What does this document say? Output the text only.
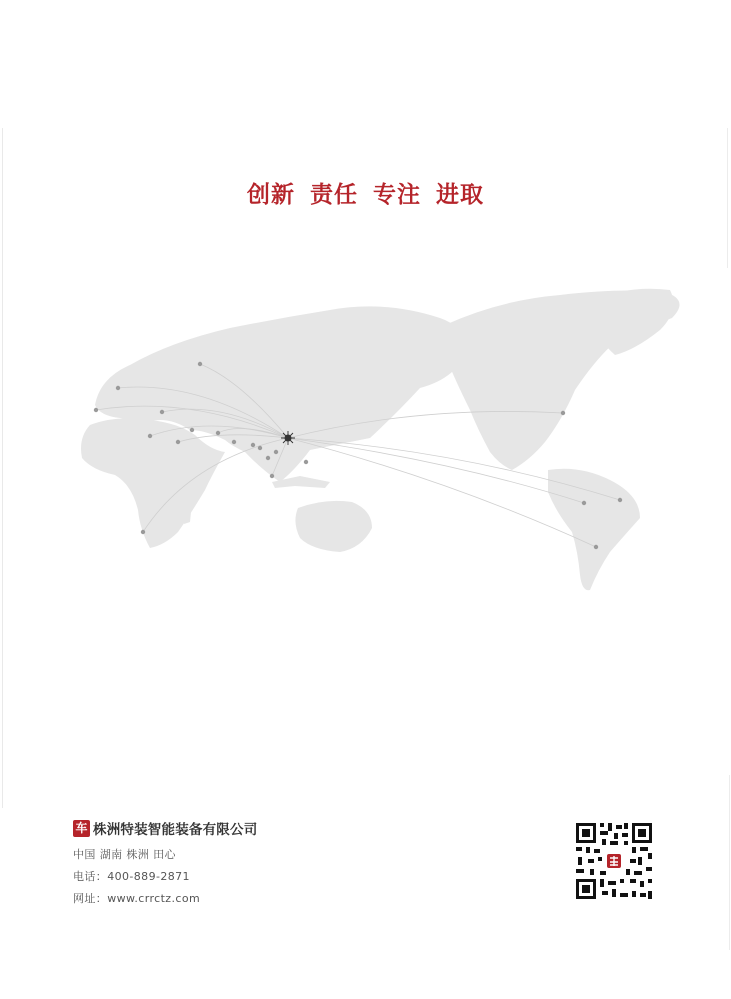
创新 责任 专注 进取
车 株洲特装智能装备有限公司
中国 湖南 株洲 田心
电话：400-889-2871
网址：www.crrctz.com
